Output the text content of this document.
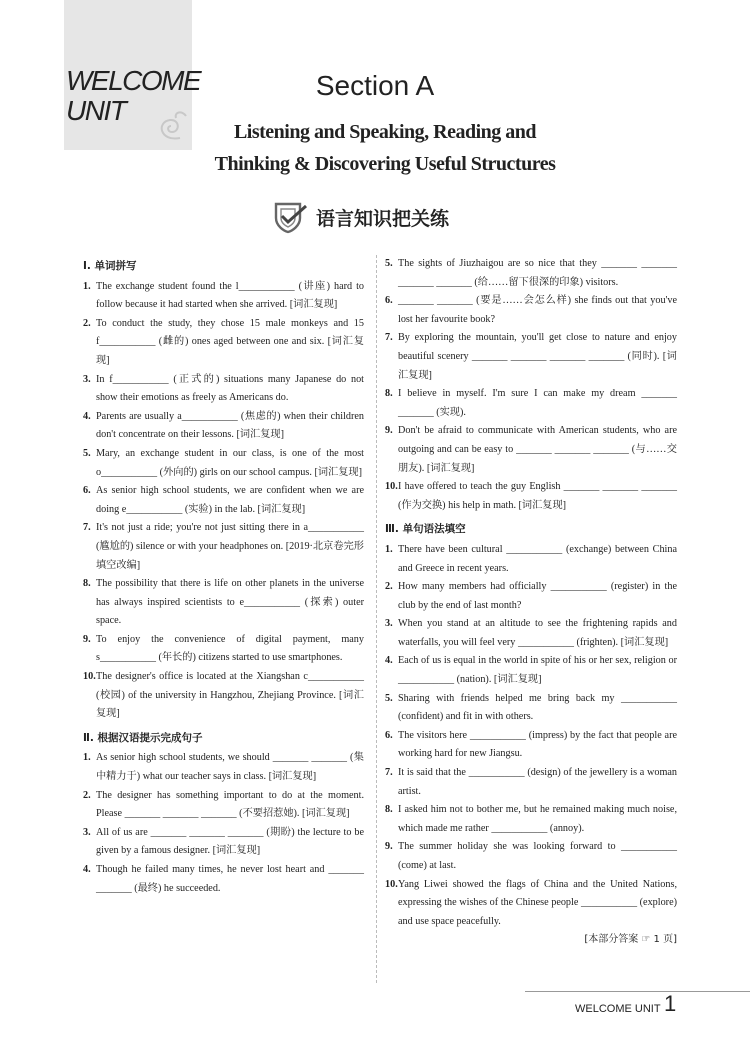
WELCOME
UNIT
Section A
Listening and Speaking, Reading and
Thinking & Discovering Useful Structures
语言知识把关练
Ⅰ. 单词拼写
1. The exchange student found the l___________ (讲座) hard to follow because it had started when she arrived. [词汇复现]
2. To conduct the study, they chose 15 male monkeys and 15 f___________ (雌的) ones aged between one and six. [词汇复现]
3. In f___________ (正式的) situations many Japanese do not show their emotions as freely as Americans do.
4. Parents are usually a___________ (焦虑的) when their children don't concentrate on their lessons. [词汇复现]
5. Mary, an exchange student in our class, is one of the most o___________ (外向的) girls on our school campus. [词汇复现]
6. As senior high school students, we are confident when we are doing e___________ (实验) in the lab. [词汇复现]
7. It's not just a ride; you're not just sitting there in a___________ (尴尬的) silence or with your headphones on. [2019·北京卷完形填空改编]
8. The possibility that there is life on other planets in the universe has always inspired scientists to e___________ (探索) outer space.
9. To enjoy the convenience of digital payment, many s___________ (年长的) citizens started to use smartphones.
10. The designer's office is located at the Xiangshan c___________ (校园) of the university in Hangzhou, Zhejiang Province. [词汇复现]
Ⅱ. 根据汉语提示完成句子
1. As senior high school students, we should _______ _______ (集中精力于) what our teacher says in class. [词汇复现]
2. The designer has something important to do at the moment. Please _______ _______ _______ (不要招惹她). [词汇复现]
3. All of us are _______ _______ _______ (期盼) the lecture to be given by a famous designer. [词汇复现]
4. Though he failed many times, he never lost heart and _______ _______ (最终) he succeeded.
5. The sights of Jiuzhaigou are so nice that they _______ _______ _______ _______ (给……留下很深的印象) visitors.
6. _______ _______ (要是……会怎么样) she finds out that you've lost her favourite book?
7. By exploring the mountain, you'll get close to nature and enjoy beautiful scenery _______ _______ _______ _______ (同时). [词汇复现]
8. I believe in myself. I'm sure I can make my dream _______ _______ (实现).
9. Don't be afraid to communicate with American students, who are outgoing and can be easy to _______ _______ _______ (与……交朋友). [词汇复现]
10. I have offered to teach the guy English _______ _______ _______ (作为交换) his help in math. [词汇复现]
Ⅲ. 单句语法填空
1. There have been cultural ___________ (exchange) between China and Greece in recent years.
2. How many members had officially ___________ (register) in the club by the end of last month?
3. When you stand at an altitude to see the frightening rapids and waterfalls, you will feel very ___________ (frighten). [词汇复现]
4. Each of us is equal in the world in spite of his or her sex, religion or ___________ (nation). [词汇复现]
5. Sharing with friends helped me bring back my ___________ (confident) and fit in with others.
6. The visitors here ___________ (impress) by the fact that people are working hard for new Jiangsu.
7. It is said that the ___________ (design) of the jewellery is a woman artist.
8. I asked him not to bother me, but he remained making much noise, which made me rather ___________ (annoy).
9. The summer holiday she was looking forward to ___________ (come) at last.
10. Yang Liwei showed the flags of China and the United Nations, expressing the wishes of the Chinese people ___________ (explore) and use space peacefully.
[本部分答案 ☞ 1 页]
WELCOME UNIT 1
